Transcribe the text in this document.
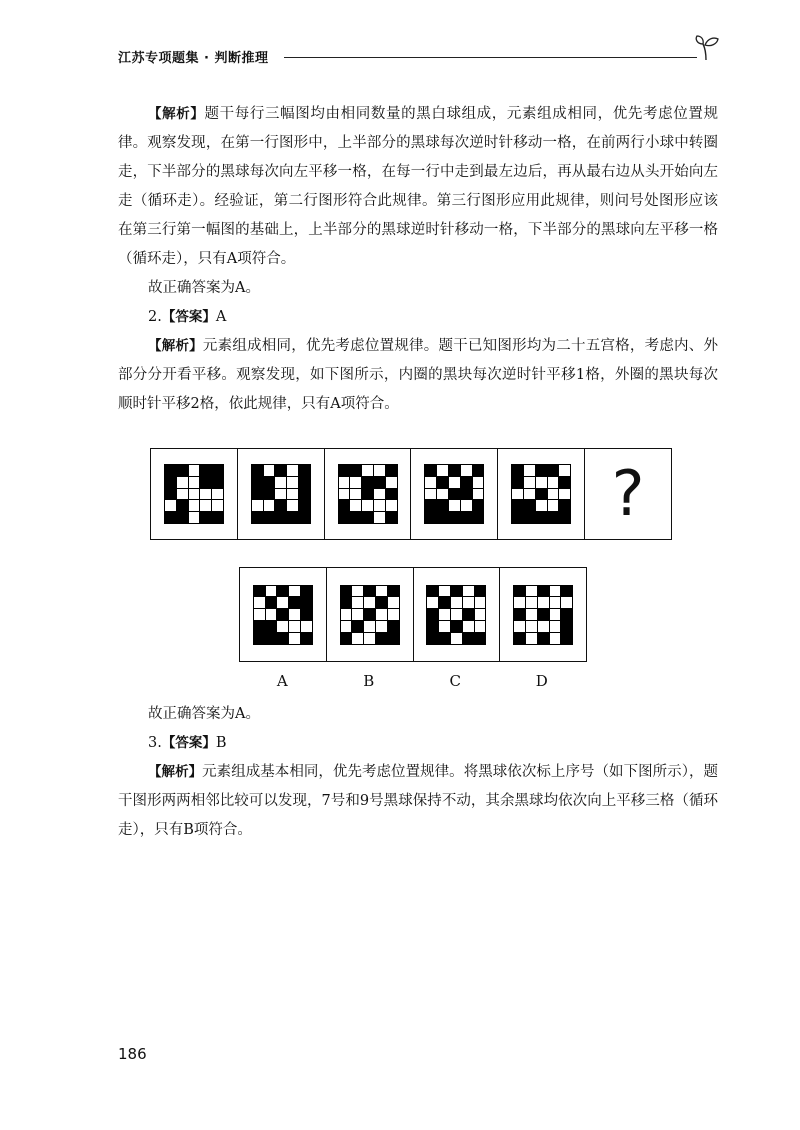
江苏专项题集 · 判断推理

【解析】题干每行三幅图均由相同数量的黑白球组成，元素组成相同，优先考虑位置规律。观察发现，在第一行图形中，上半部分的黑球每次逆时针移动一格，在前两行小球中转圈走，下半部分的黑球每次向左平移一格，在每一行中走到最左边后，再从最右边从头开始向左走（循环走）。经验证，第二行图形符合此规律。第三行图形应用此规律，则问号处图形应该在第三行第一幅图的基础上，上半部分的黑球逆时针移动一格，下半部分的黑球向左平移一格（循环走），只有A项符合。

故正确答案为A。

2.【答案】A

【解析】元素组成相同，优先考虑位置规律。题干已知图形均为二十五宫格，考虑内、外部分分开看平移。观察发现，如下图所示，内圈的黑块每次逆时针平移1格，外圈的黑块每次顺时针平移2格，依此规律，只有A项符合。

?
A	B	C	D

故正确答案为A。

3.【答案】B

【解析】元素组成基本相同，优先考虑位置规律。将黑球依次标上序号（如下图所示），题干图形两两相邻比较可以发现，7号和9号黑球保持不动，其余黑球均依次向上平移三格（循环走），只有B项符合。

186
